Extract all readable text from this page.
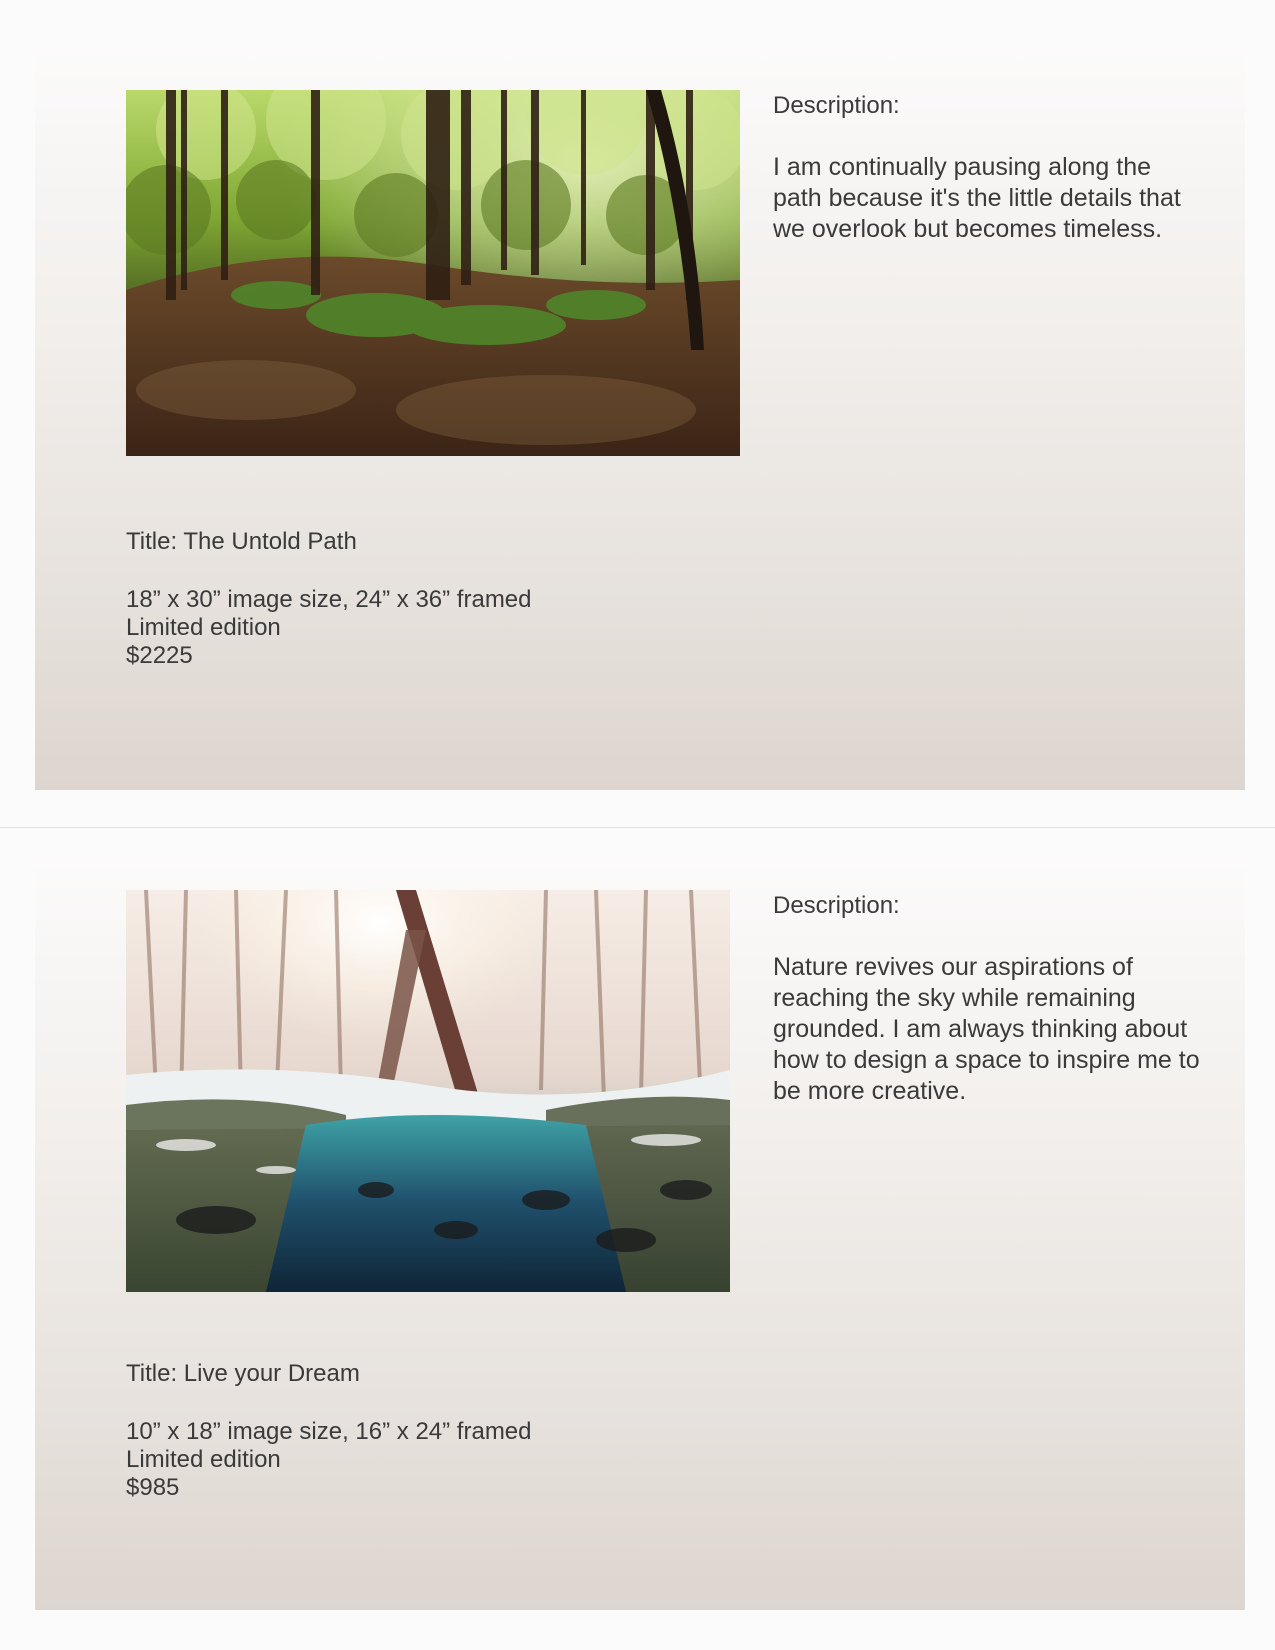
Description:

I am continually pausing along the path because it's the little details that we overlook but becomes timeless.

Title: The Untold Path

18” x 30” image size, 24” x 36” framed

Limited edition

$2225

Description:

Nature revives our aspirations of reaching the sky while remaining grounded. I am always thinking about how to design a space to inspire me to be more creative.

Title: Live your Dream

10” x 18” image size, 16” x 24” framed

Limited edition

$985
